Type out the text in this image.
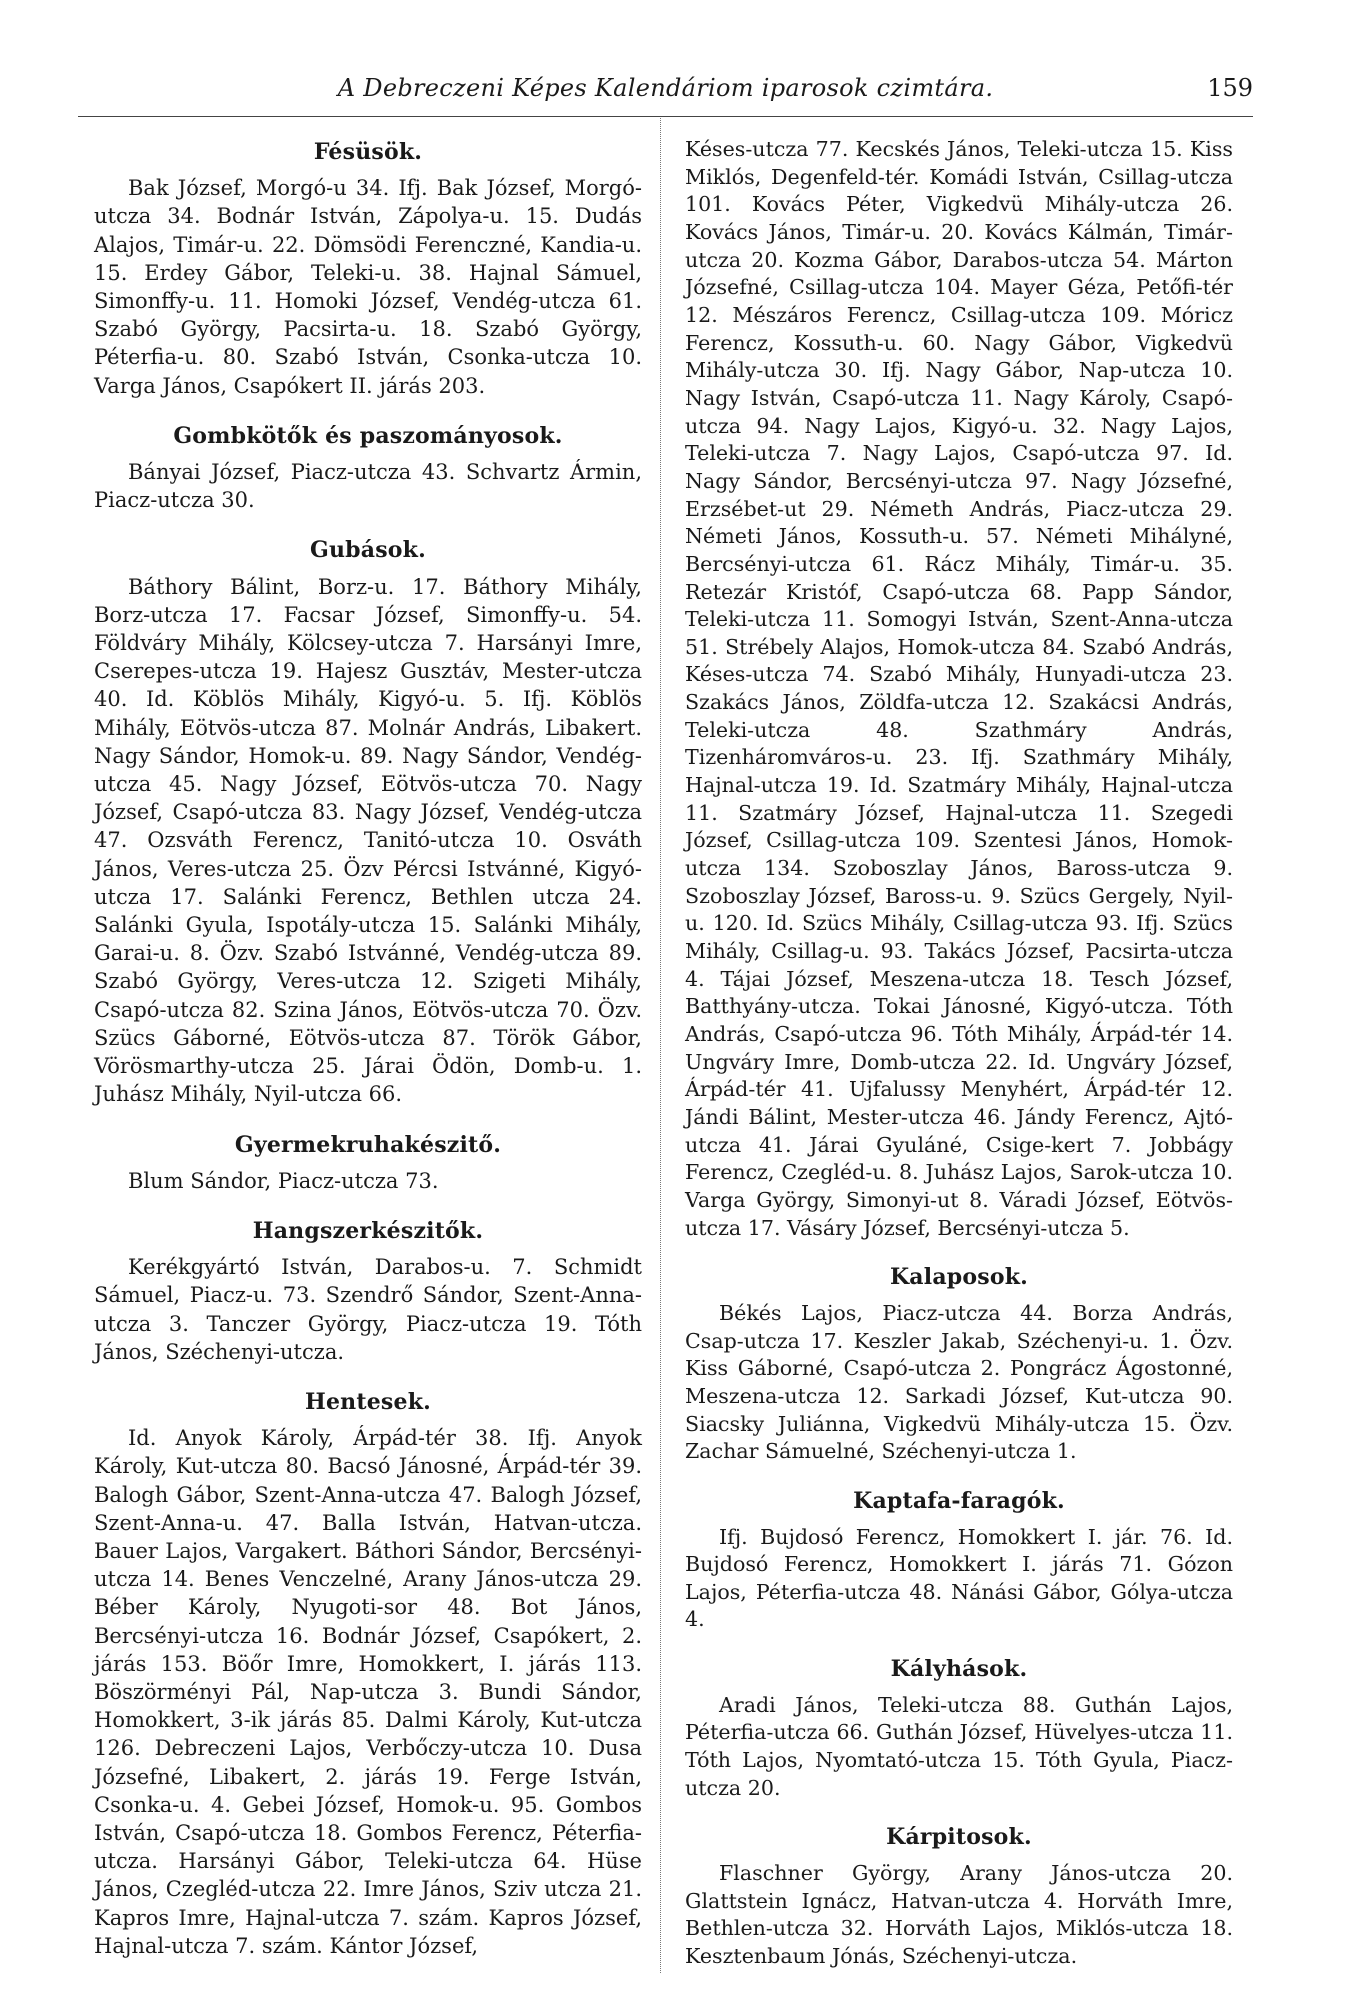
A Debreczeni Képes Kalendáriom iparosok czimtára.	159

Fésüsök.

Bak József, Morgó-u 34. Ifj. Bak József, Morgó-utcza 34. Bodnár István, Zápolya-u. 15. Dudás Alajos, Timár-u. 22. Dömsödi Ferenczné, Kandia-u. 15. Erdey Gábor, Teleki-u. 38. Hajnal Sámuel, Simonffy-u. 11. Homoki József, Vendég-utcza 61. Szabó György, Pacsirta-u. 18. Szabó György, Péterfia-u. 80. Szabó István, Csonka-utcza 10. Varga János, Csapókert II. járás 203.

Gombkötők és paszományosok.

Bányai József, Piacz-utcza 43. Schvartz Ármin, Piacz-utcza 30.

Gubások.

Báthory Bálint, Borz-u. 17. Báthory Mihály, Borz-utcza 17. Facsar József, Simonffy-u. 54. Földváry Mihály, Kölcsey-utcza 7. Harsányi Imre, Cserepes-utcza 19. Hajesz Gusztáv, Mester-utcza 40. Id. Köblös Mihály, Kigyó-u. 5. Ifj. Köblös Mihály, Eötvös-utcza 87. Molnár András, Libakert. Nagy Sándor, Homok-u. 89. Nagy Sándor, Vendég-utcza 45. Nagy József, Eötvös-utcza 70. Nagy József, Csapó-utcza 83. Nagy József, Vendég-utcza 47. Ozsváth Ferencz, Tanitó-utcza 10. Osváth János, Veres-utcza 25. Özv Pércsi Istvánné, Kigyó-utcza 17. Salánki Ferencz, Bethlen utcza 24. Salánki Gyula, Ispotály-utcza 15. Salánki Mihály, Garai-u. 8. Özv. Szabó Istvánné, Vendég-utcza 89. Szabó György, Veres-utcza 12. Szigeti Mihály, Csapó-utcza 82. Szina János, Eötvös-utcza 70. Özv. Szücs Gáborné, Eötvös-utcza 87. Török Gábor, Vörösmarthy-utcza 25. Járai Ödön, Domb-u. 1. Juhász Mihály, Nyil-utcza 66.

Gyermekruhakészitő.

Blum Sándor, Piacz-utcza 73.

Hangszerkészitők.

Kerékgyártó István, Darabos-u. 7. Schmidt Sámuel, Piacz-u. 73. Szendrő Sándor, Szent-Anna-utcza 3. Tanczer György, Piacz-utcza 19. Tóth János, Széchenyi-utcza.

Hentesek.

Id. Anyok Károly, Árpád-tér 38. Ifj. Anyok Károly, Kut-utcza 80. Bacsó Jánosné, Árpád-tér 39. Balogh Gábor, Szent-Anna-utcza 47. Balogh József, Szent-Anna-u. 47. Balla István, Hatvan-utcza. Bauer Lajos, Vargakert. Báthori Sándor, Bercsényi-utcza 14. Benes Venczelné, Arany János-utcza 29. Béber Károly, Nyugoti-sor 48. Bot János, Bercsényi-utcza 16. Bodnár József, Csapókert, 2. járás 153. Böőr Imre, Homokkert, I. járás 113. Böszörményi Pál, Nap-utcza 3. Bundi Sándor, Homokkert, 3-ik járás 85. Dalmi Károly, Kut-utcza 126. Debreczeni Lajos, Verbőczy-utcza 10. Dusa Józsefné, Libakert, 2. járás 19. Ferge István, Csonka-u. 4. Gebei József, Homok-u. 95. Gombos István, Csapó-utcza 18. Gombos Ferencz, Péterfia-utcza. Harsányi Gábor, Teleki-utcza 64. Hüse János, Czegléd-utcza 22. Imre János, Sziv utcza 21. Kapros Imre, Hajnal-utcza 7. szám. Kapros József, Hajnal-utcza 7. szám. Kántor József,

Késes-utcza 77. Kecskés János, Teleki-utcza 15. Kiss Miklós, Degenfeld-tér. Komádi István, Csillag-utcza 101. Kovács Péter, Vigkedvü Mihály-utcza 26. Kovács János, Timár-u. 20. Kovács Kálmán, Timár-utcza 20. Kozma Gábor, Darabos-utcza 54. Márton Józsefné, Csillag-utcza 104. Mayer Géza, Petőfi-tér 12. Mészáros Ferencz, Csillag-utcza 109. Móricz Ferencz, Kossuth-u. 60. Nagy Gábor, Vigkedvü Mihály-utcza 30. Ifj. Nagy Gábor, Nap-utcza 10. Nagy István, Csapó-utcza 11. Nagy Károly, Csapó-utcza 94. Nagy Lajos, Kigyó-u. 32. Nagy Lajos, Teleki-utcza 7. Nagy Lajos, Csapó-utcza 97. Id. Nagy Sándor, Bercsényi-utcza 97. Nagy Józsefné, Erzsébet-ut 29. Németh András, Piacz-utcza 29. Németi János, Kossuth-u. 57. Németi Mihályné, Bercsényi-utcza 61. Rácz Mihály, Timár-u. 35. Retezár Kristóf, Csapó-utcza 68. Papp Sándor, Teleki-utcza 11. Somogyi István, Szent-Anna-utcza 51. Strébely Alajos, Homok-utcza 84. Szabó András, Késes-utcza 74. Szabó Mihály, Hunyadi-utcza 23. Szakács János, Zöldfa-utcza 12. Szakácsi András, Teleki-utcza 48. Szathmáry András, Tizenháromváros-u. 23. Ifj. Szathmáry Mihály, Hajnal-utcza 19. Id. Szatmáry Mihály, Hajnal-utcza 11. Szatmáry József, Hajnal-utcza 11. Szegedi József, Csillag-utcza 109. Szentesi János, Homok-utcza 134. Szoboszlay János, Baross-utcza 9. Szoboszlay József, Baross-u. 9. Szücs Gergely, Nyil-u. 120. Id. Szücs Mihály, Csillag-utcza 93. Ifj. Szücs Mihály, Csillag-u. 93. Takács József, Pacsirta-utcza 4. Tájai József, Meszena-utcza 18. Tesch József, Batthyány-utcza. Tokai Jánosné, Kigyó-utcza. Tóth András, Csapó-utcza 96. Tóth Mihály, Árpád-tér 14. Ungváry Imre, Domb-utcza 22. Id. Ungváry József, Árpád-tér 41. Ujfalussy Menyhért, Árpád-tér 12. Jándi Bálint, Mester-utcza 46. Jándy Ferencz, Ajtó-utcza 41. Járai Gyuláné, Csige-kert 7. Jobbágy Ferencz, Czegléd-u. 8. Juhász Lajos, Sarok-utcza 10. Varga György, Simonyi-ut 8. Váradi József, Eötvös-utcza 17. Vásáry József, Bercsényi-utcza 5.

Kalaposok.

Békés Lajos, Piacz-utcza 44. Borza András, Csap-utcza 17. Keszler Jakab, Széchenyi-u. 1. Özv. Kiss Gáborné, Csapó-utcza 2. Pongrácz Ágostonné, Meszena-utcza 12. Sarkadi József, Kut-utcza 90. Siacsky Juliánna, Vigkedvü Mihály-utcza 15. Özv. Zachar Sámuelné, Széchenyi-utcza 1.

Kaptafa-faragók.

Ifj. Bujdosó Ferencz, Homokkert I. jár. 76. Id. Bujdosó Ferencz, Homokkert I. járás 71. Gózon Lajos, Péterfia-utcza 48. Nánási Gábor, Gólya-utcza 4.

Kályhások.

Aradi János, Teleki-utcza 88. Guthán Lajos, Péterfia-utcza 66. Guthán József, Hüvelyes-utcza 11. Tóth Lajos, Nyomtató-utcza 15. Tóth Gyula, Piacz-utcza 20.

Kárpitosok.

Flaschner György, Arany János-utcza 20. Glattstein Ignácz, Hatvan-utcza 4. Horváth Imre, Bethlen-utcza 32. Horváth Lajos, Miklós-utcza 18. Kesztenbaum Jónás, Széchenyi-utcza.
